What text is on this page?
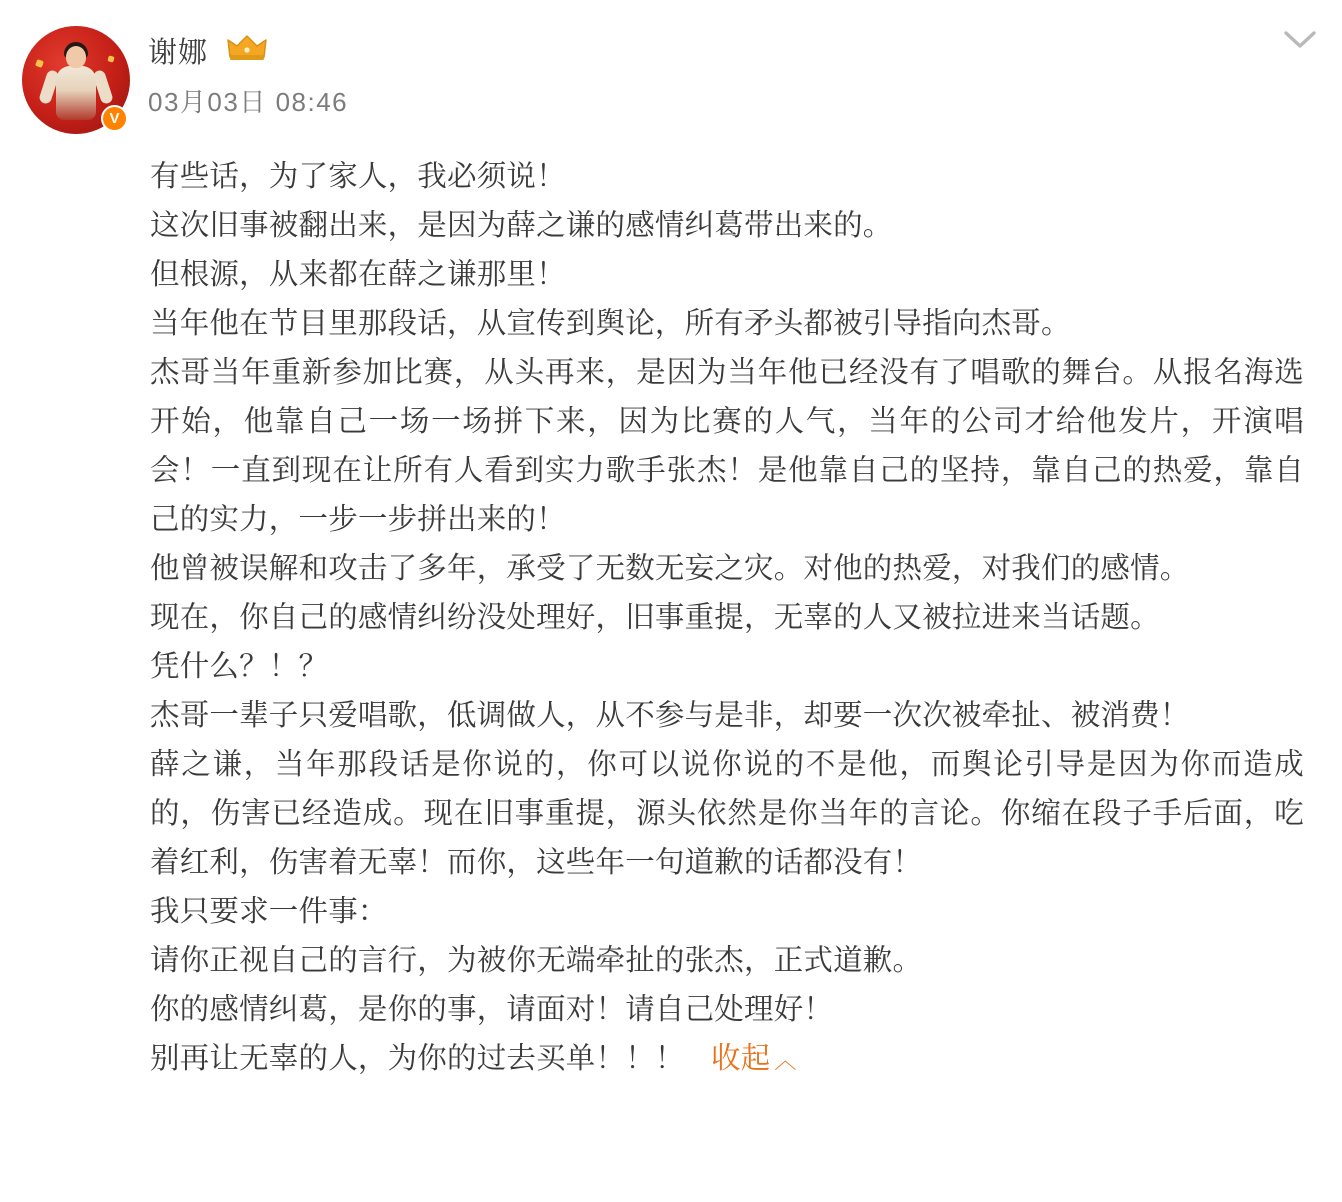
V
谢娜
03月03日 08:46

有些话，为了家人，我必须说！

这次旧事被翻出来，是因为薛之谦的感情纠葛带出来的。

但根源，从来都在薛之谦那里！

当年他在节目里那段话，从宣传到舆论，所有矛头都被引导指向杰哥。

杰哥当年重新参加比赛，从头再来，是因为当年他已经没有了唱歌的舞台。从报名海选开始，他靠自己一场一场拼下来，因为比赛的人气，当年的公司才给他发片，开演唱会！一直到现在让所有人看到实力歌手张杰！是他靠自己的坚持，靠自己的热爱，靠自己的实力，一步一步拼出来的！

他曾被误解和攻击了多年，承受了无数无妄之灾。对他的热爱，对我们的感情。

现在，你自己的感情纠纷没处理好，旧事重提，无辜的人又被拉进来当话题。

凭什么？！？

杰哥一辈子只爱唱歌，低调做人，从不参与是非，却要一次次被牵扯、被消费！

薛之谦，当年那段话是你说的，你可以说你说的不是他，而舆论引导是因为你而造成的，伤害已经造成。现在旧事重提，源头依然是你当年的言论。你缩在段子手后面，吃着红利，伤害着无辜！而你，这些年一句道歉的话都没有！

我只要求一件事：

请你正视自己的言行，为被你无端牵扯的张杰，正式道歉。

你的感情纠葛，是你的事，请面对！请自己处理好！

别再让无辜的人，为你的过去买单！！！ 收起 ︿
